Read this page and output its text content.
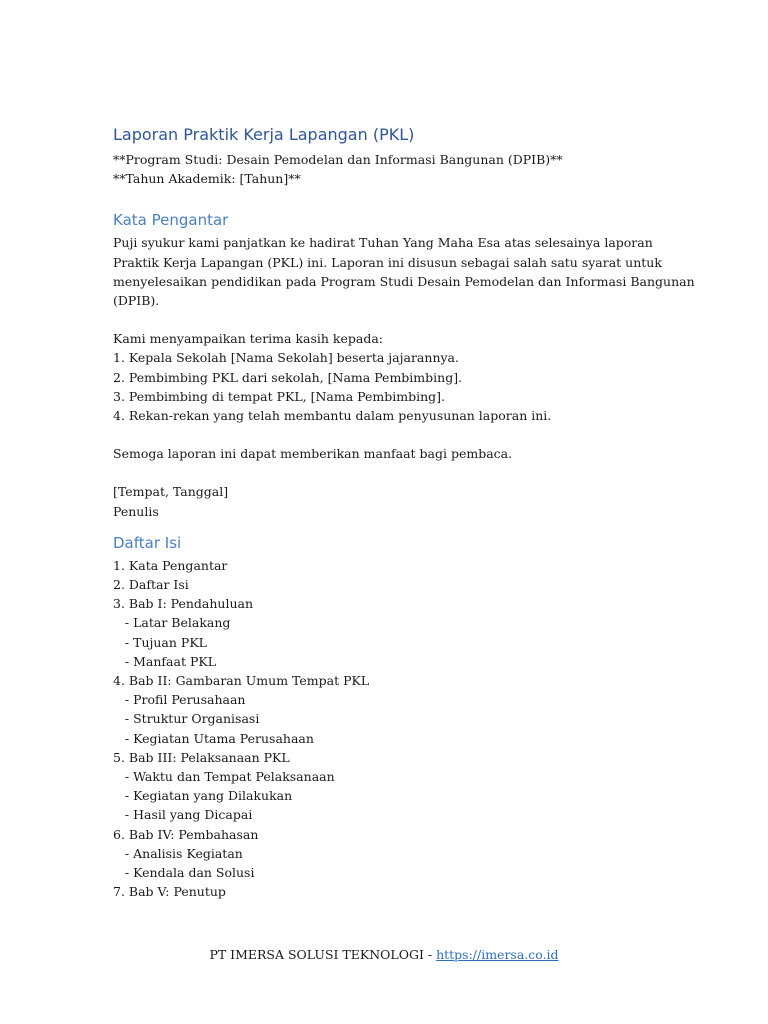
Laporan Praktik Kerja Lapangan (PKL)

**Program Studi: Desain Pemodelan dan Informasi Bangunan (DPIB)**

**Tahun Akademik: [Tahun]**

Kata Pengantar

Puji syukur kami panjatkan ke hadirat Tuhan Yang Maha Esa atas selesainya laporan

Praktik Kerja Lapangan (PKL) ini. Laporan ini disusun sebagai salah satu syarat untuk

menyelesaikan pendidikan pada Program Studi Desain Pemodelan dan Informasi Bangunan

(DPIB).

Kami menyampaikan terima kasih kepada:

1. Kepala Sekolah [Nama Sekolah] beserta jajarannya.
2. Pembimbing PKL dari sekolah, [Nama Pembimbing].
3. Pembimbing di tempat PKL, [Nama Pembimbing].
4. Rekan-rekan yang telah membantu dalam penyusunan laporan ini.

Semoga laporan ini dapat memberikan manfaat bagi pembaca.

[Tempat, Tanggal]

Penulis

Daftar Isi
1. Kata Pengantar
2. Daftar Isi
3. Bab I: Pendahuluan
- Latar Belakang
- Tujuan PKL
- Manfaat PKL
4. Bab II: Gambaran Umum Tempat PKL
- Profil Perusahaan
- Struktur Organisasi
- Kegiatan Utama Perusahaan
5. Bab III: Pelaksanaan PKL
- Waktu dan Tempat Pelaksanaan
- Kegiatan yang Dilakukan
- Hasil yang Dicapai
6. Bab IV: Pembahasan
- Analisis Kegiatan
- Kendala dan Solusi
7. Bab V: Penutup
PT IMERSA SOLUSI TEKNOLOGI - https://imersa.co.id
